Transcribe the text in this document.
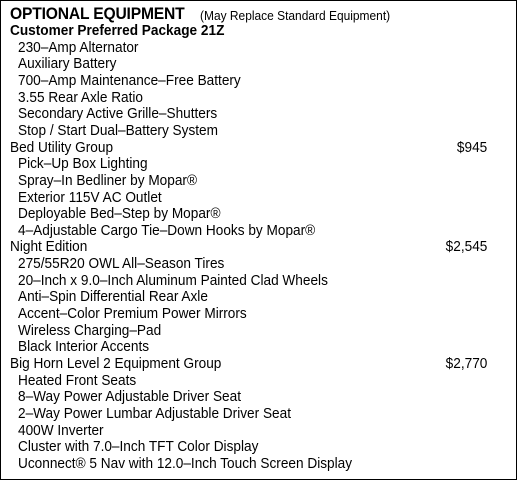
OPTIONAL EQUIPMENT (May Replace Standard Equipment)
Customer Preferred Package 21Z
230–Amp Alternator
Auxiliary Battery
700–Amp Maintenance–Free Battery
3.55 Rear Axle Ratio
Secondary Active Grille–Shutters
Stop / Start Dual–Battery System
Bed Utility Group	$945
Pick–Up Box Lighting
Spray–In Bedliner by Mopar®
Exterior 115V AC Outlet
Deployable Bed–Step by Mopar®
4–Adjustable Cargo Tie–Down Hooks by Mopar®
Night Edition	$2,545
275/55R20 OWL All–Season Tires
20–Inch x 9.0–Inch Aluminum Painted Clad Wheels
Anti–Spin Differential Rear Axle
Accent–Color Premium Power Mirrors
Wireless Charging–Pad
Black Interior Accents
Big Horn Level 2 Equipment Group	$2,770
Heated Front Seats
8–Way Power Adjustable Driver Seat
2–Way Power Lumbar Adjustable Driver Seat
400W Inverter
Cluster with 7.0–Inch TFT Color Display
Uconnect® 5 Nav with 12.0–Inch Touch Screen Display
